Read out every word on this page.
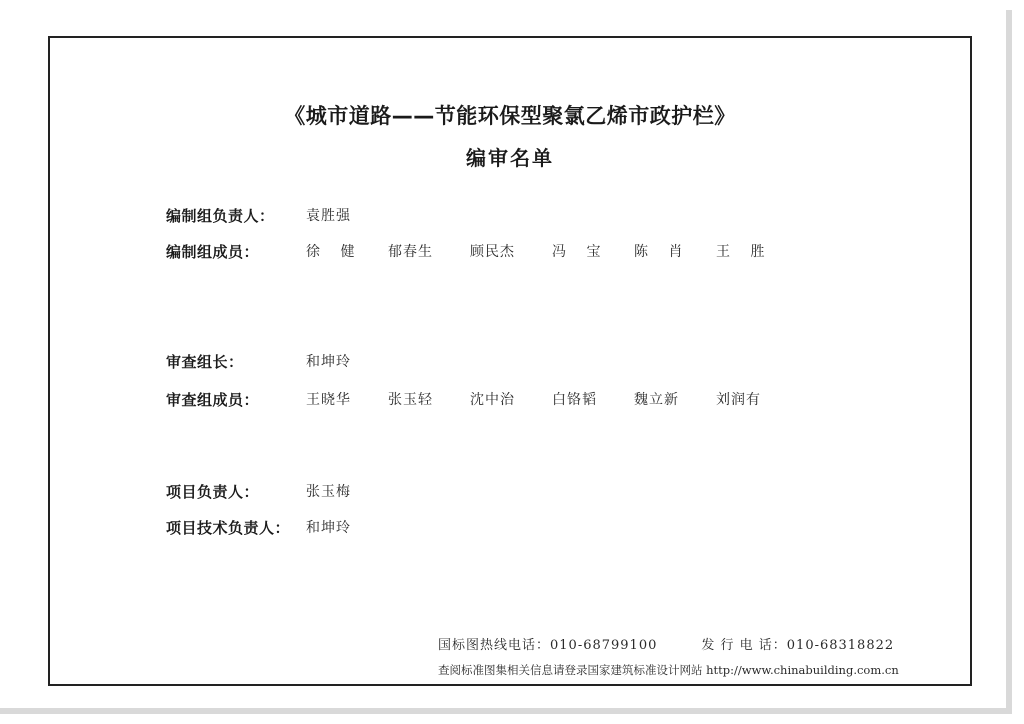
《城市道路——节能环保型聚氯乙烯市政护栏》
编审名单
编制组负责人：	袁胜强
编制组成员：	徐 健	郁春生	顾民杰	冯 宝	陈 肖	王 胜
审查组长：	和坤玲
审查组成员：	王晓华	张玉轻	沈中治	白铬韬	魏立新	刘润有
项目负责人：	张玉梅
项目技术负责人：	和坤玲
国标图热线电话：010-68799100	发 行 电 话：010-68318822
查阅标准图集相关信息请登录国家建筑标准设计网站 http://www.chinabuilding.com.cn
